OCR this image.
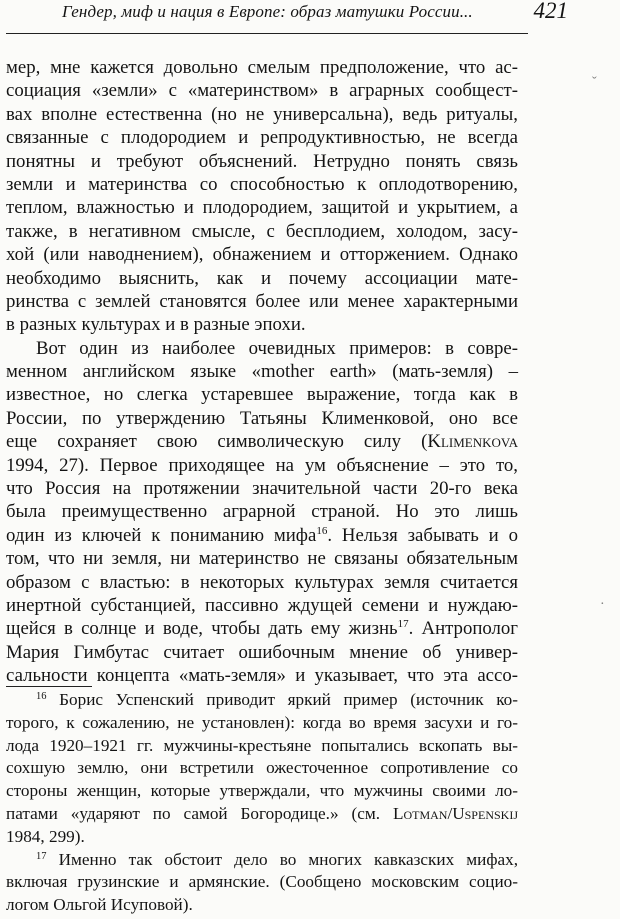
Гендер, миф и нация в Европе: образ матушки России...	421
мер, мне кажется довольно смелым предположение, что ас-
социация «земли» с «материнством» в аграрных сообщест-
вах вполне естественна (но не универсальна), ведь ритуалы,
связанные с плодородием и репродуктивностью, не всегда
понятны и требуют объяснений. Нетрудно понять связь
земли и материнства со способностью к оплодотворению,
теплом, влажностью и плодородием, защитой и укрытием, а
также, в негативном смысле, с бесплодием, холодом, засу-
хой (или наводнением), обнажением и отторжением. Однако
необходимо выяснить, как и почему ассоциации мате-
ринства с землей становятся более или менее характерными
в разных культурах и в разные эпохи.
Вот один из наиболее очевидных примеров: в совре-
менном английском языке «mother earth» (мать-земля) –
известное, но слегка устаревшее выражение, тогда как в
России, по утверждению Татьяны Клименковой, оно все
еще сохраняет свою символическую силу (Klimenkova
1994, 27). Первое приходящее на ум объяснение – это то,
что Россия на протяжении значительной части 20-го века
была преимущественно аграрной страной. Но это лишь
один из ключей к пониманию мифа$^{16}$. Нельзя забывать и о
том, что ни земля, ни материнство не связаны обязательным
образом с властью: в некоторых культурах земля считается
инертной субстанцией, пассивно ждущей семени и нуждаю-
щейся в солнце и воде, чтобы дать ему жизнь$^{17}$. Антрополог
Мария Гимбутас считает ошибочным мнение об универ-
сальности концепта «мать-земля» и указывает, что эта ассо-
$^{16}$ Борис Успенский приводит яркий пример (источник ко-
торого, к сожалению, не установлен): когда во время засухи и го-
лода 1920–1921 гг. мужчины-крестьяне попытались вскопать вы-
сохшую землю, они встретили ожесточенное сопротивление со
стороны женщин, которые утверждали, что мужчины своими ло-
патами «ударяют по самой Богородице.» (см. Lotman/Uspenskij
1984, 299).
$^{17}$ Именно так обстоит дело во многих кавказских мифах,
включая грузинские и армянские. (Сообщено московским социо-
логом Ольгой Исуповой).
ˇ
·
